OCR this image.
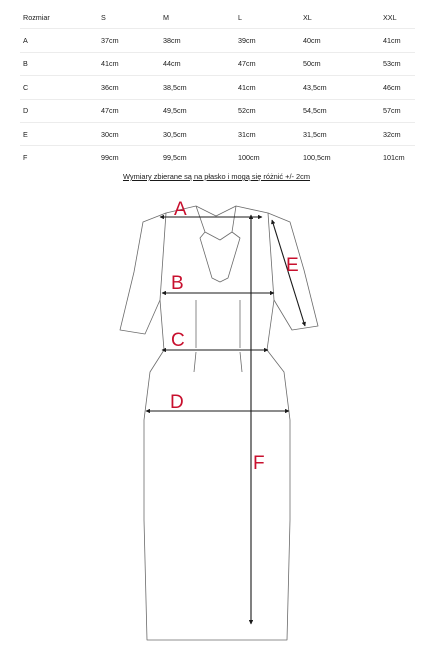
Rozmiar	S	M	L	XL	XXL
A	37cm	38cm	39cm	40cm	41cm
B	41cm	44cm	47cm	50cm	53cm
C	36cm	38,5cm	41cm	43,5cm	46cm
D	47cm	49,5cm	52cm	54,5cm	57cm
E	30cm	30,5cm	31cm	31,5cm	32cm
F	99cm	99,5cm	100cm	100,5cm	101cm
Wymiary zbierane są na płasko i mogą się różnić +/- 2cm
A
B
C
D
E
F
